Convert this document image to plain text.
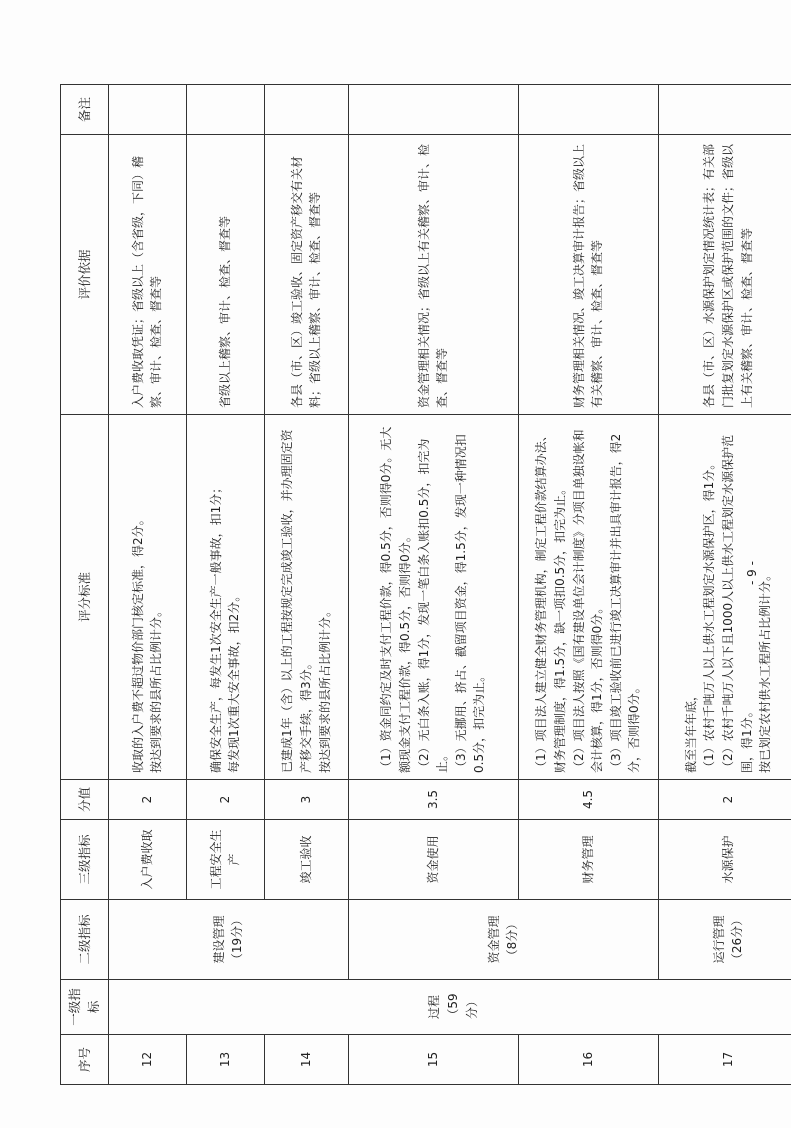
序号	一级指标	二级指标	三级指标	分值	评分标准	评价依据	备注
12	过程（59分）	建设管理（19分）	入户费收取	2	收取的入户费不超过物价部门核定标准，得2分。 按达到要求的县所占比例计分。	入户费收取凭证；省级以上（含省级，下同）稽察、审计、检查、督查等	

13			工程安全生产	2	确保安全生产，每发生1次安全生产一般事故，扣1分； 每发现1次重大安全事故，扣2分。	省级以上稽察、审计、检查、督查等	

14			竣工验收	3	已建成1年（含）以上的工程按规定完成竣工验收，并办理固定资产移交手续，得3分。 按达到要求的县所占比例计分。	各县（市、区）竣工验收、固定资产移交有关材料；省级以上稽察、审计、检查、督查等	

15		资金管理（8分）	资金使用	3.5	（1）资金同约定及时支付工程价款，得0.5分，否则得0分。无大额现金支付工程价款，得0.5分，否则得0分。 （2）无白条入账，得1分，发现一笔白条入账扣0.5分，扣完为止。 （3）无挪用、挤占、截留项目资金，得1.5分，发现一种情况扣0.5分，扣完为止。	资金管理相关情况；省级以上有关稽察、审计、检查、督查等	

16			财务管理	4.5	（1）项目法人建立健全财务管理机构，制定工程价款结算办法、财务管理制度，得1.5分，缺一项扣0.5分，扣完为止。 （2）项目法人按照《国有建设单位会计制度》分项目单独设帐和会计核算，得1分，否则得0分。 （3）项目竣工验收前已进行竣工决算审计并出具审计报告，得2分，否则得0分。	财务管理相关情况、竣工决算审计报告；省级以上有关稽察、审计、检查、督查等	

17		运行管理（26分）	水源保护	2	截至当年年底， （1）农村千吨万人以上供水工程划定水源保护区，得1分。 （2）农村千吨万人以下且1000人以上供水工程划定水源保护范围，得1分。 按已划定农村供水工程所占比例计分。	各县（市、区）水源保护划定情况统计表；有关部门批复划定水源保护区或保护范围的文件；省级以上有关稽察、审计、检查、督查等	

- 9 -
